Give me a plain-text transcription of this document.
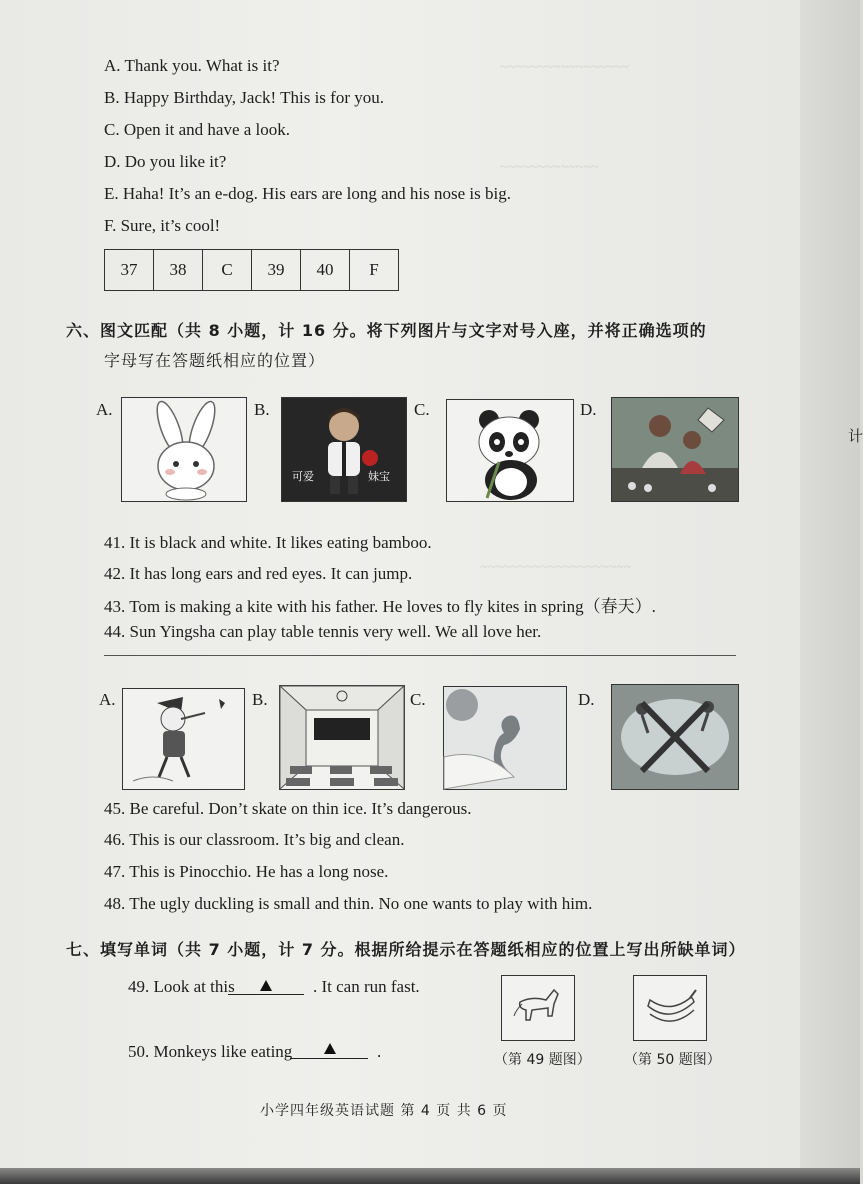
~~~~~~~~~~~~~~~~~
~~~~~~~~~~~~~
~~~~~~~~~~~~~~~~~~~~
A. Thank you. What is it?
B. Happy Birthday, Jack! This is for you.
C. Open it and have a look.
D. Do you like it?
E. Haha! It’s an e-dog. His ears are long and his nose is big.
F. Sure, it’s cool!
37	38	C	39	40	F
六、图文匹配（共 8 小题，计 16 分。将下列图片与文字对号入座，并将正确选项的
字母写在答题纸相应的位置）
A.	B.
可爱	妹宝
C.	D.
41. It is black and white. It likes eating bamboo.
42. It has long ears and red eyes. It can jump.
43. Tom is making a kite with his father. He loves to fly kites in spring（春天）.
44. Sun Yingsha can play table tennis very well. We all love her.
A.	B.	C.	D.
45. Be careful. Don’t skate on thin ice. It’s dangerous.
46. This is our classroom. It’s big and clean.
47. This is Pinocchio. He has a long nose.
48. The ugly duckling is small and thin. No one wants to play with him.
七、填写单词（共 7 小题，计 7 分。根据所给提示在答题纸相应的位置上写出所缺单词）
49. Look at this	. It can run fast.
50. Monkeys like eating	.	（第 49 题图） （第 50 题图）
小学四年级英语试题 第 4 页 共 6 页
计
